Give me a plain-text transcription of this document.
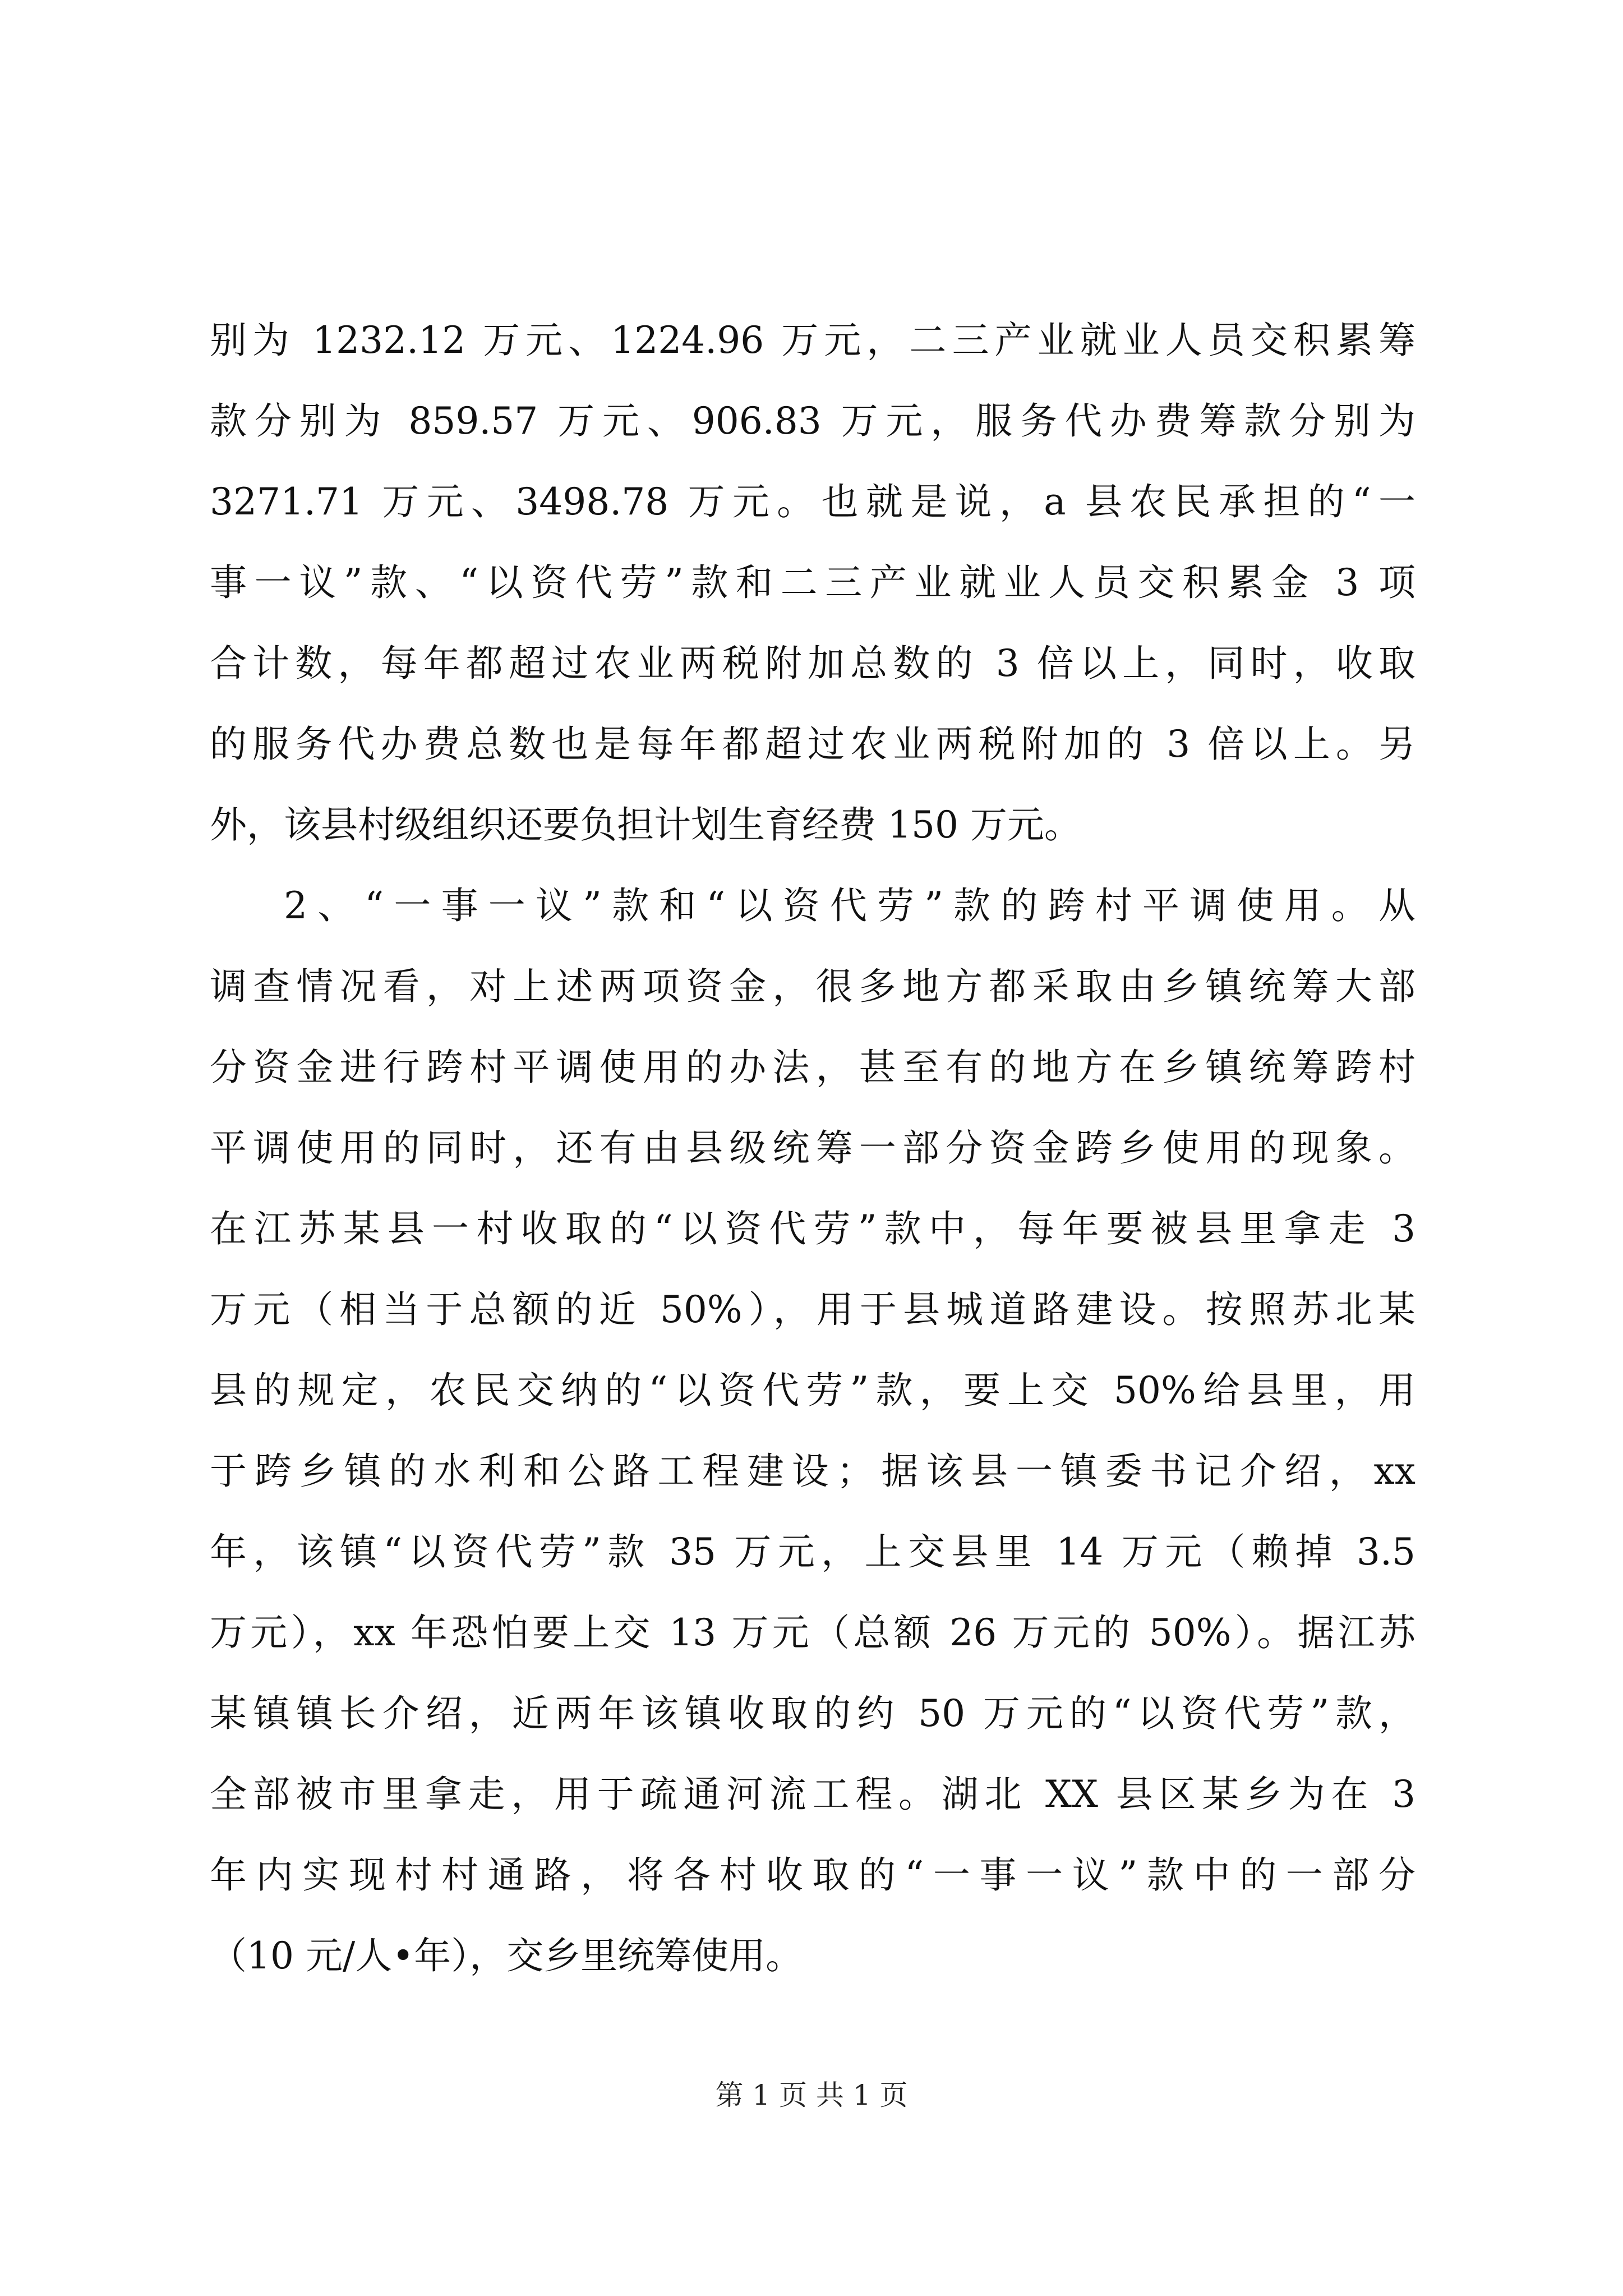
别为 1232.12 万元、1224.96 万元，二三产业就业人员交积累筹
款分别为 859.57 万元、906.83 万元，服务代办费筹款分别为
3271.71 万元、3498.78 万元。也就是说，a 县农民承担的“一
事一议”款、“以资代劳”款和二三产业就业人员交积累金 3 项
合计数，每年都超过农业两税附加总数的 3 倍以上，同时，收取
的服务代办费总数也是每年都超过农业两税附加的 3 倍以上。另
外，该县村级组织还要负担计划生育经费 150 万元。
2、“一事一议”款和“以资代劳”款的跨村平调使用。从
调查情况看，对上述两项资金，很多地方都采取由乡镇统筹大部
分资金进行跨村平调使用的办法，甚至有的地方在乡镇统筹跨村
平调使用的同时，还有由县级统筹一部分资金跨乡使用的现象。
在江苏某县一村收取的“以资代劳”款中，每年要被县里拿走 3
万元（相当于总额的近 50%），用于县城道路建设。按照苏北某
县的规定，农民交纳的“以资代劳”款，要上交 50%给县里，用
于跨乡镇的水利和公路工程建设；据该县一镇委书记介绍，xx
年，该镇“以资代劳”款 35 万元，上交县里 14 万元（赖掉 3.5
万元），xx 年恐怕要上交 13 万元（总额 26 万元的 50%）。据江苏
某镇镇长介绍，近两年该镇收取的约 50 万元的“以资代劳”款，
全部被市里拿走，用于疏通河流工程。湖北 XX 县区某乡为在 3
年内实现村村通路，将各村收取的“一事一议”款中的一部分
（10 元/人•年），交乡里统筹使用。
第 1 页 共 1 页
